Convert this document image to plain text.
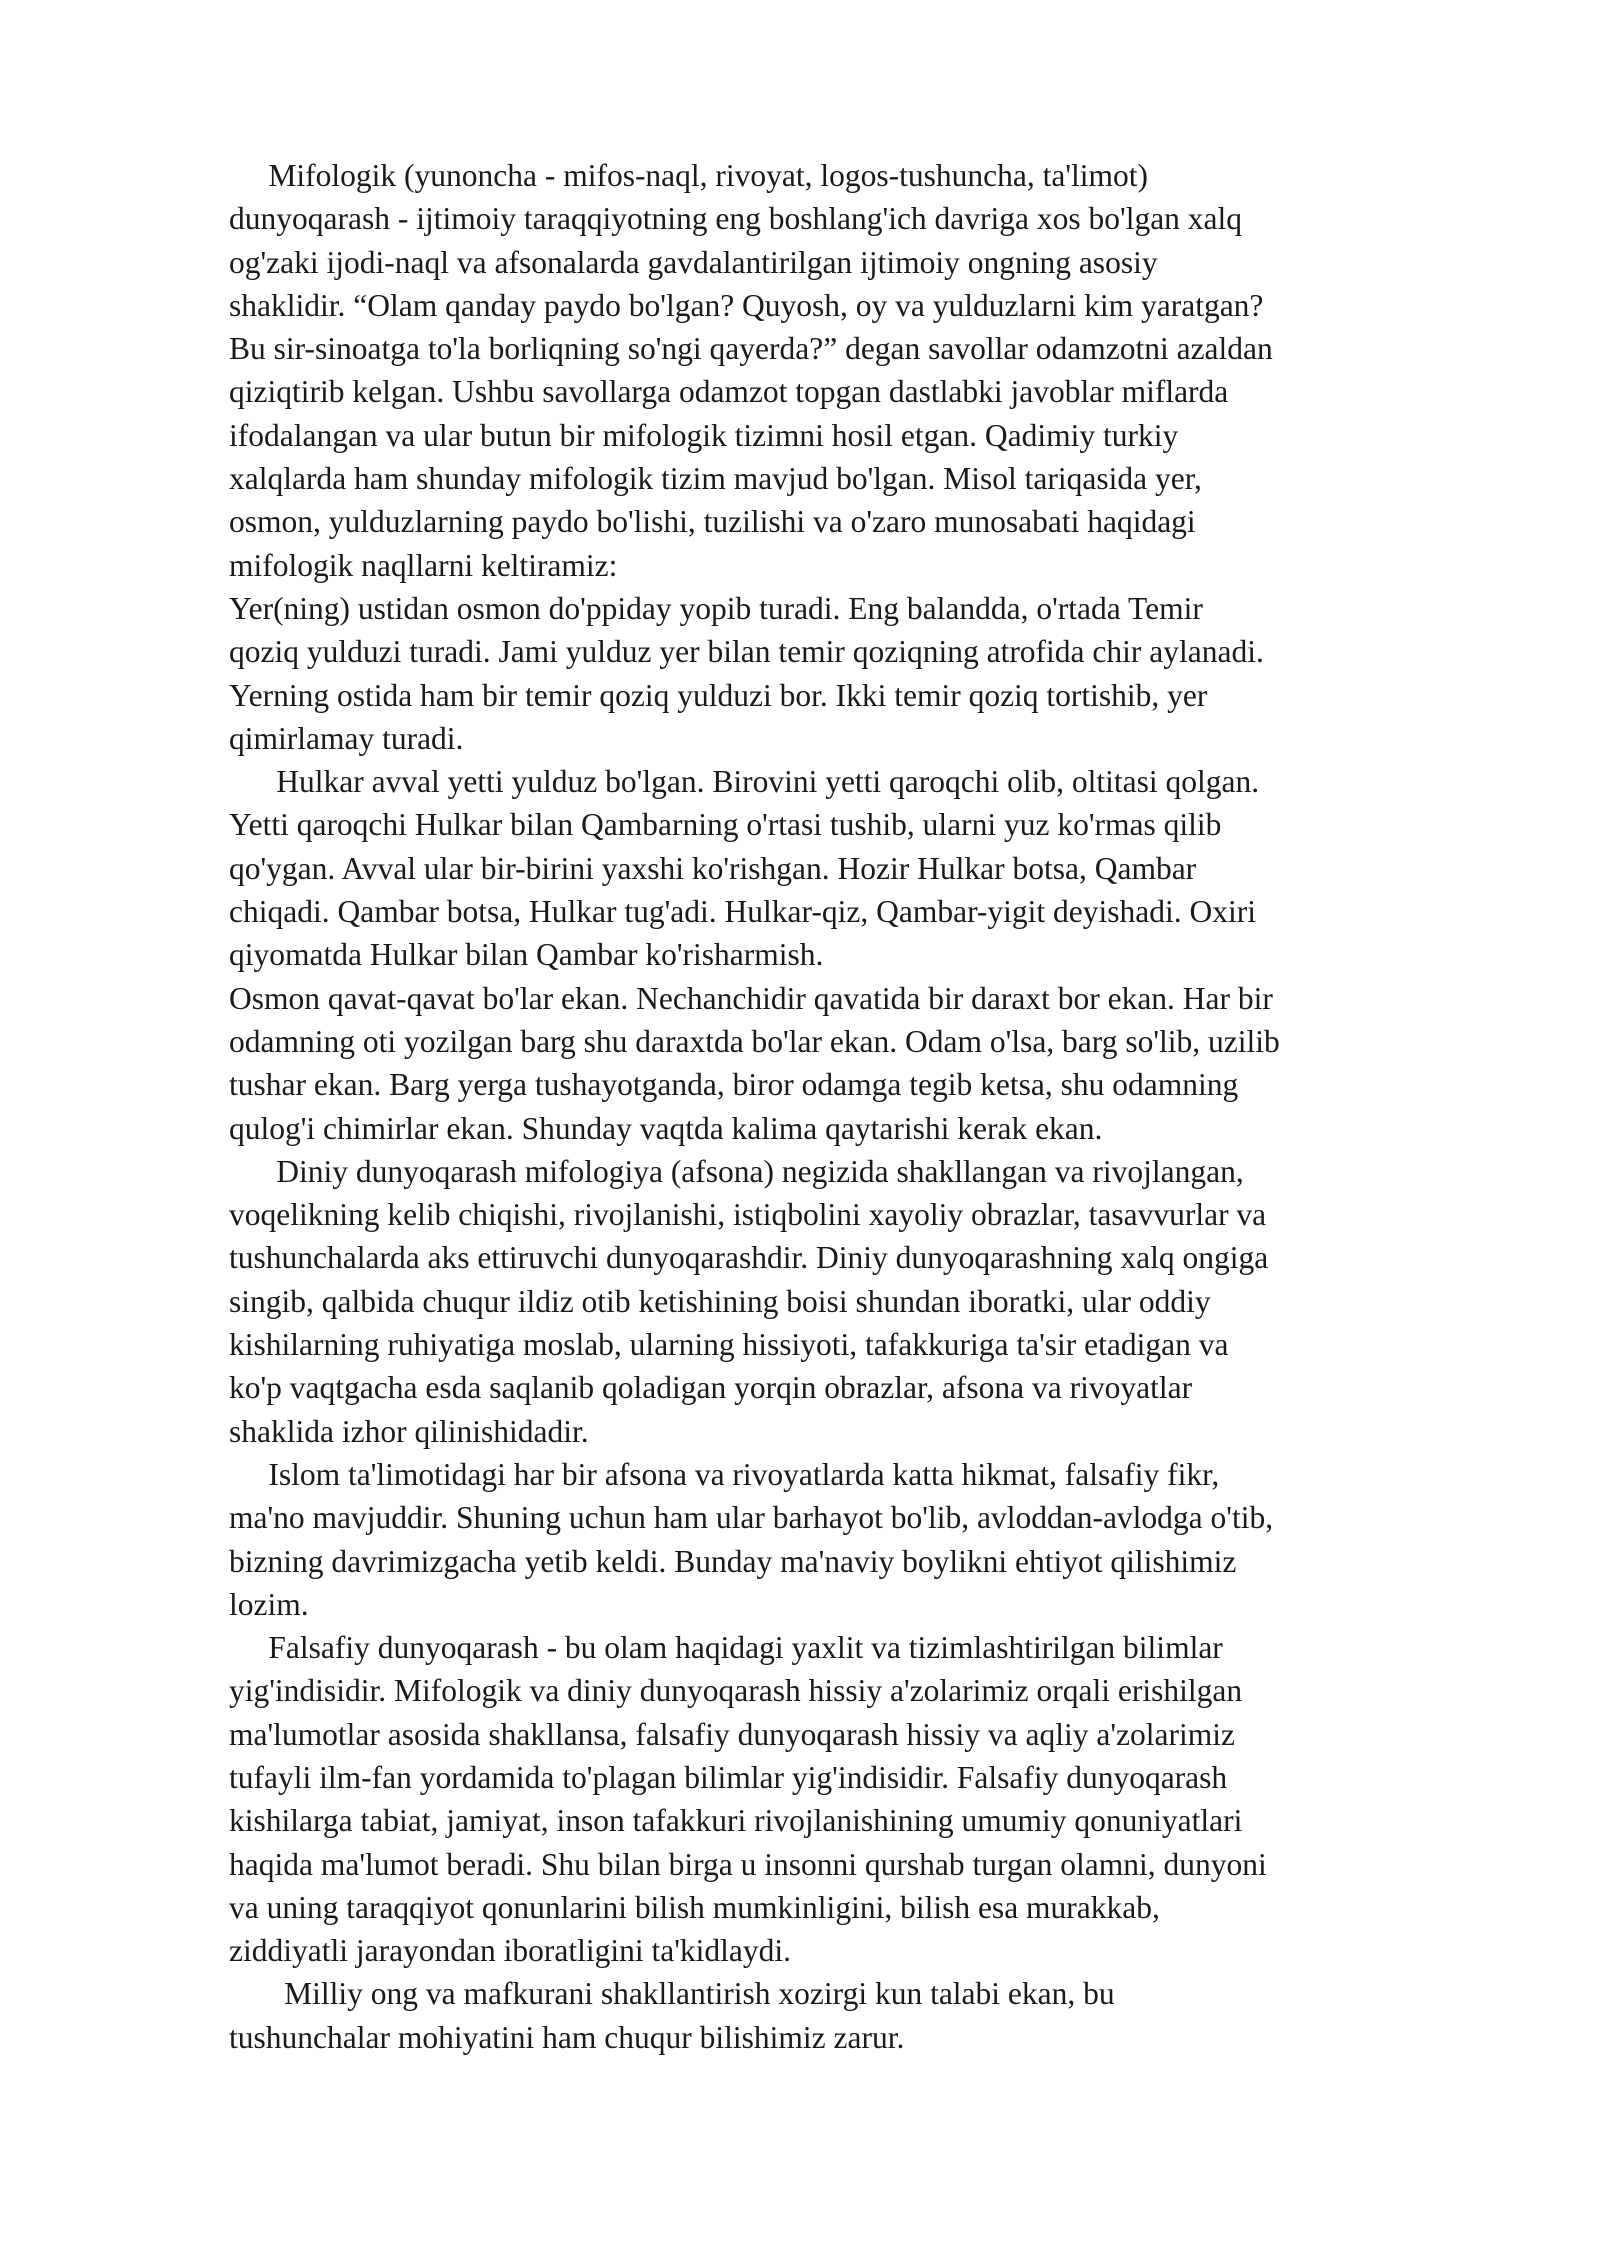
Mifologik (yunoncha - mifos-naql, rivoyat, logos-tushuncha, ta'limot)
dunyoqarash - ijtimoiy taraqqiyotning eng boshlang'ich davriga xos bo'lgan xalq
og'zaki ijodi-naql va afsonalarda gavdalantirilgan ijtimoiy ongning asosiy
shaklidir. “Olam qanday paydo bo'lgan? Quyosh, oy va yulduzlarni kim yaratgan?
Bu sir-sinoatga to'la borliqning so'ngi qayerda?” degan savollar odamzotni azaldan
qiziqtirib kelgan. Ushbu savollarga odamzot topgan dastlabki javoblar miflarda
ifodalangan va ular butun bir mifologik tizimni hosil etgan. Qadimiy turkiy
xalqlarda ham shunday mifologik tizim mavjud bo'lgan. Misol tariqasida yer,
osmon, yulduzlarning paydo bo'lishi, tuzilishi va o'zaro munosabati haqidagi
mifologik naqllarni keltiramiz:
Yer(ning) ustidan osmon do'ppiday yopib turadi. Eng balandda, o'rtada Temir
qoziq yulduzi turadi. Jami yulduz yer bilan temir qoziqning atrofida chir aylanadi.
Yerning ostida ham bir temir qoziq yulduzi bor. Ikki temir qoziq tortishib, yer
qimirlamay turadi.
Hulkar avval yetti yulduz bo'lgan. Birovini yetti qaroqchi olib, oltitasi qolgan.
Yetti qaroqchi Hulkar bilan Qambarning o'rtasi tushib, ularni yuz ko'rmas qilib
qo'ygan. Avval ular bir-birini yaxshi ko'rishgan. Hozir Hulkar botsa, Qambar
chiqadi. Qambar botsa, Hulkar tug'adi. Hulkar-qiz, Qambar-yigit deyishadi. Oxiri
qiyomatda Hulkar bilan Qambar ko'risharmish.
Osmon qavat-qavat bo'lar ekan. Nechanchidir qavatida bir daraxt bor ekan. Har bir
odamning oti yozilgan barg shu daraxtda bo'lar ekan. Odam o'lsa, barg so'lib, uzilib
tushar ekan. Barg yerga tushayotganda, biror odamga tegib ketsa, shu odamning
qulog'i chimirlar ekan. Shunday vaqtda kalima qaytarishi kerak ekan.
Diniy dunyoqarash mifologiya (afsona) negizida shakllangan va rivojlangan,
voqelikning kelib chiqishi, rivojlanishi, istiqbolini xayoliy obrazlar, tasavvurlar va
tushunchalarda aks ettiruvchi dunyoqarashdir. Diniy dunyoqarashning xalq ongiga
singib, qalbida chuqur ildiz otib ketishining boisi shundan iboratki, ular oddiy
kishilarning ruhiyatiga moslab, ularning hissiyoti, tafakkuriga ta'sir etadigan va
ko'p vaqtgacha esda saqlanib qoladigan yorqin obrazlar, afsona va rivoyatlar
shaklida izhor qilinishidadir.
Islom ta'limotidagi har bir afsona va rivoyatlarda katta hikmat, falsafiy fikr,
ma'no mavjuddir. Shuning uchun ham ular barhayot bo'lib, avloddan-avlodga o'tib,
bizning davrimizgacha yetib keldi. Bunday ma'naviy boylikni ehtiyot qilishimiz
lozim.
Falsafiy dunyoqarash - bu olam haqidagi yaxlit va tizimlashtirilgan bilimlar
yig'indisidir. Mifologik va diniy dunyoqarash hissiy a'zolarimiz orqali erishilgan
ma'lumotlar asosida shakllansa, falsafiy dunyoqarash hissiy va aqliy a'zolarimiz
tufayli ilm-fan yordamida to'plagan bilimlar yig'indisidir. Falsafiy dunyoqarash
kishilarga tabiat, jamiyat, inson tafakkuri rivojlanishining umumiy qonuniyatlari
haqida ma'lumot beradi. Shu bilan birga u insonni qurshab turgan olamni, dunyoni
va uning taraqqiyot qonunlarini bilish mumkinligini, bilish esa murakkab,
ziddiyatli jarayondan iboratligini ta'kidlaydi.
Milliy ong va mafkurani shakllantirish xozirgi kun talabi ekan, bu
tushunchalar mohiyatini ham chuqur bilishimiz zarur.
